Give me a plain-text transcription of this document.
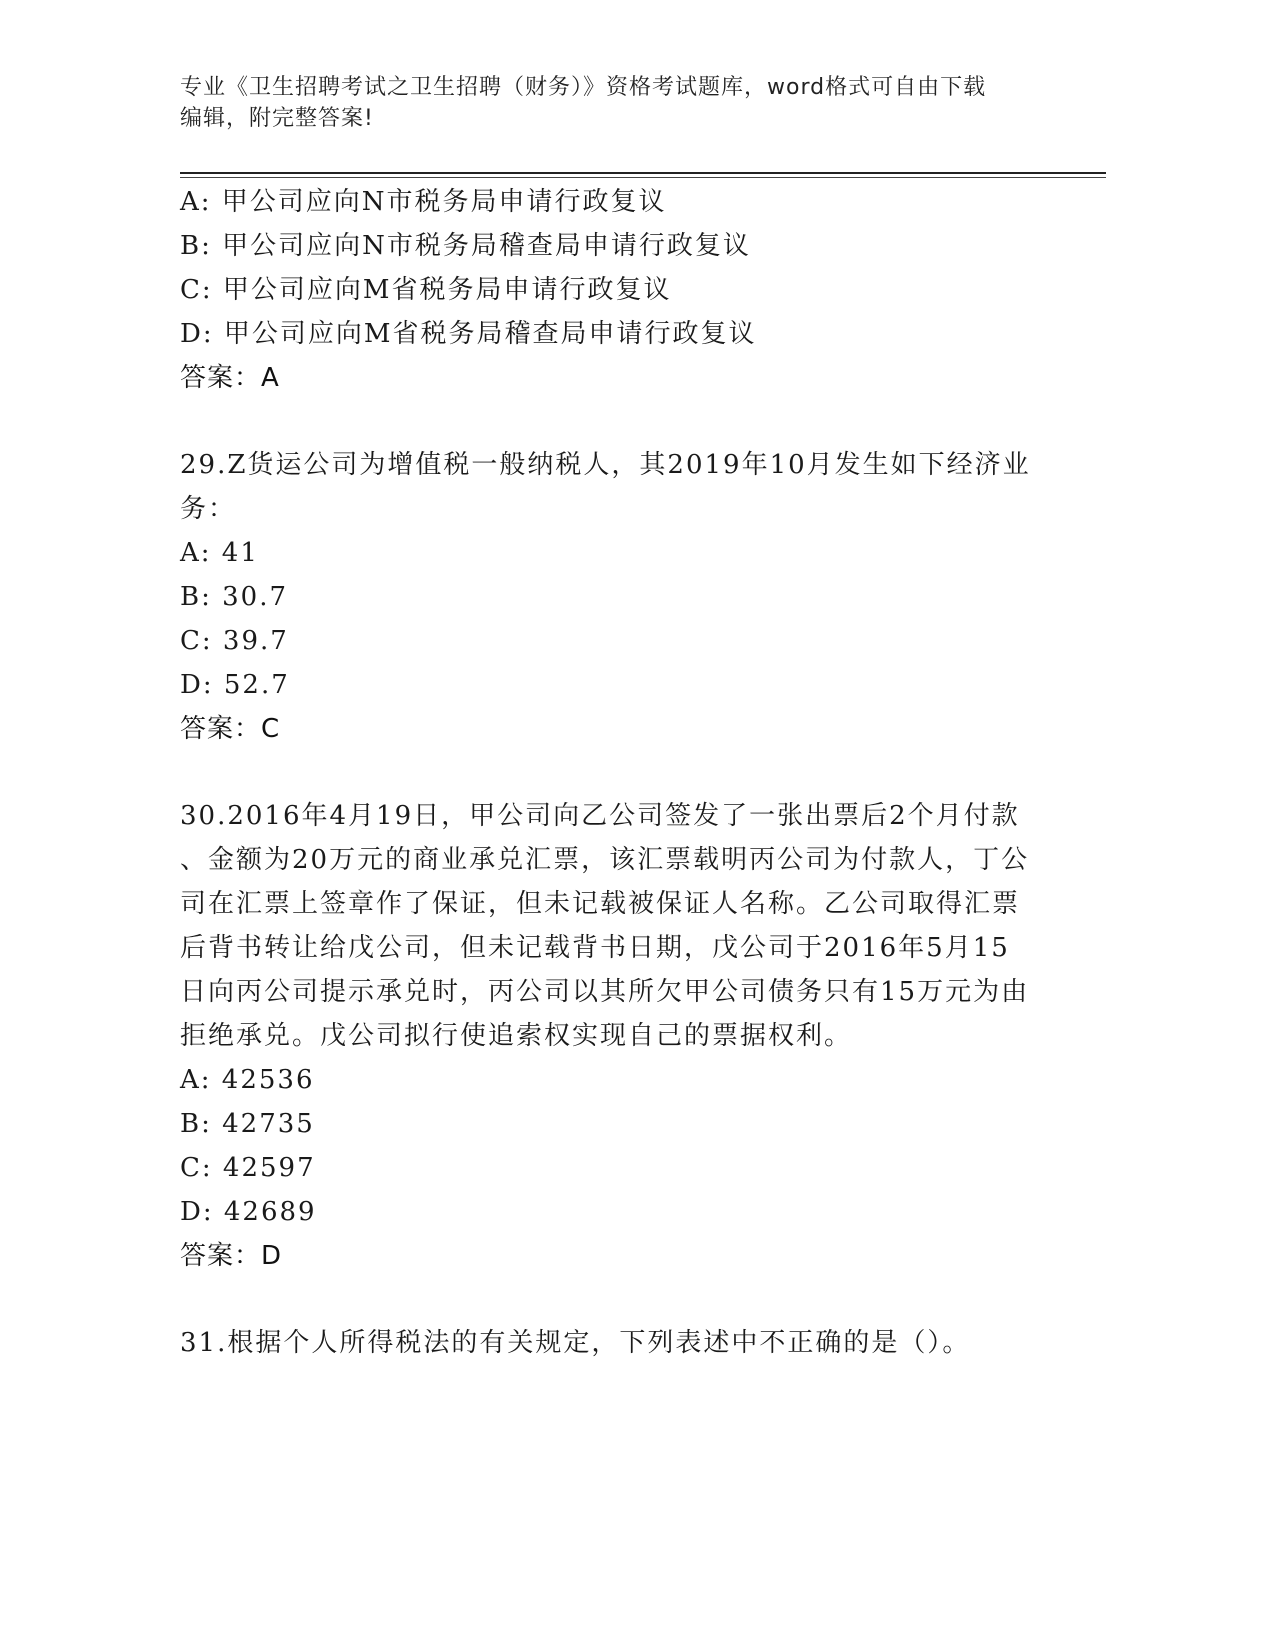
专业《卫生招聘考试之卫生招聘（财务）》资格考试题库，word格式可自由下载
编辑，附完整答案!
A: 甲公司应向N市税务局申请行政复议
B: 甲公司应向N市税务局稽查局申请行政复议
C: 甲公司应向M省税务局申请行政复议
D: 甲公司应向M省税务局稽查局申请行政复议
答案：A
29.Z货运公司为增值税一般纳税人，其2019年10月发生如下经济业
务：
A: 41
B: 30.7
C: 39.7
D: 52.7
答案：C
30.2016年4月19日，甲公司向乙公司签发了一张出票后2个月付款
、金额为20万元的商业承兑汇票，该汇票载明丙公司为付款人，丁公
司在汇票上签章作了保证，但未记载被保证人名称。乙公司取得汇票
后背书转让给戊公司，但未记载背书日期，戊公司于2016年5月15
日向丙公司提示承兑时，丙公司以其所欠甲公司债务只有15万元为由
拒绝承兑。戊公司拟行使追索权实现自己的票据权利。
A: 42536
B: 42735
C: 42597
D: 42689
答案：D
31.根据个人所得税法的有关规定，下列表述中不正确的是（）。
